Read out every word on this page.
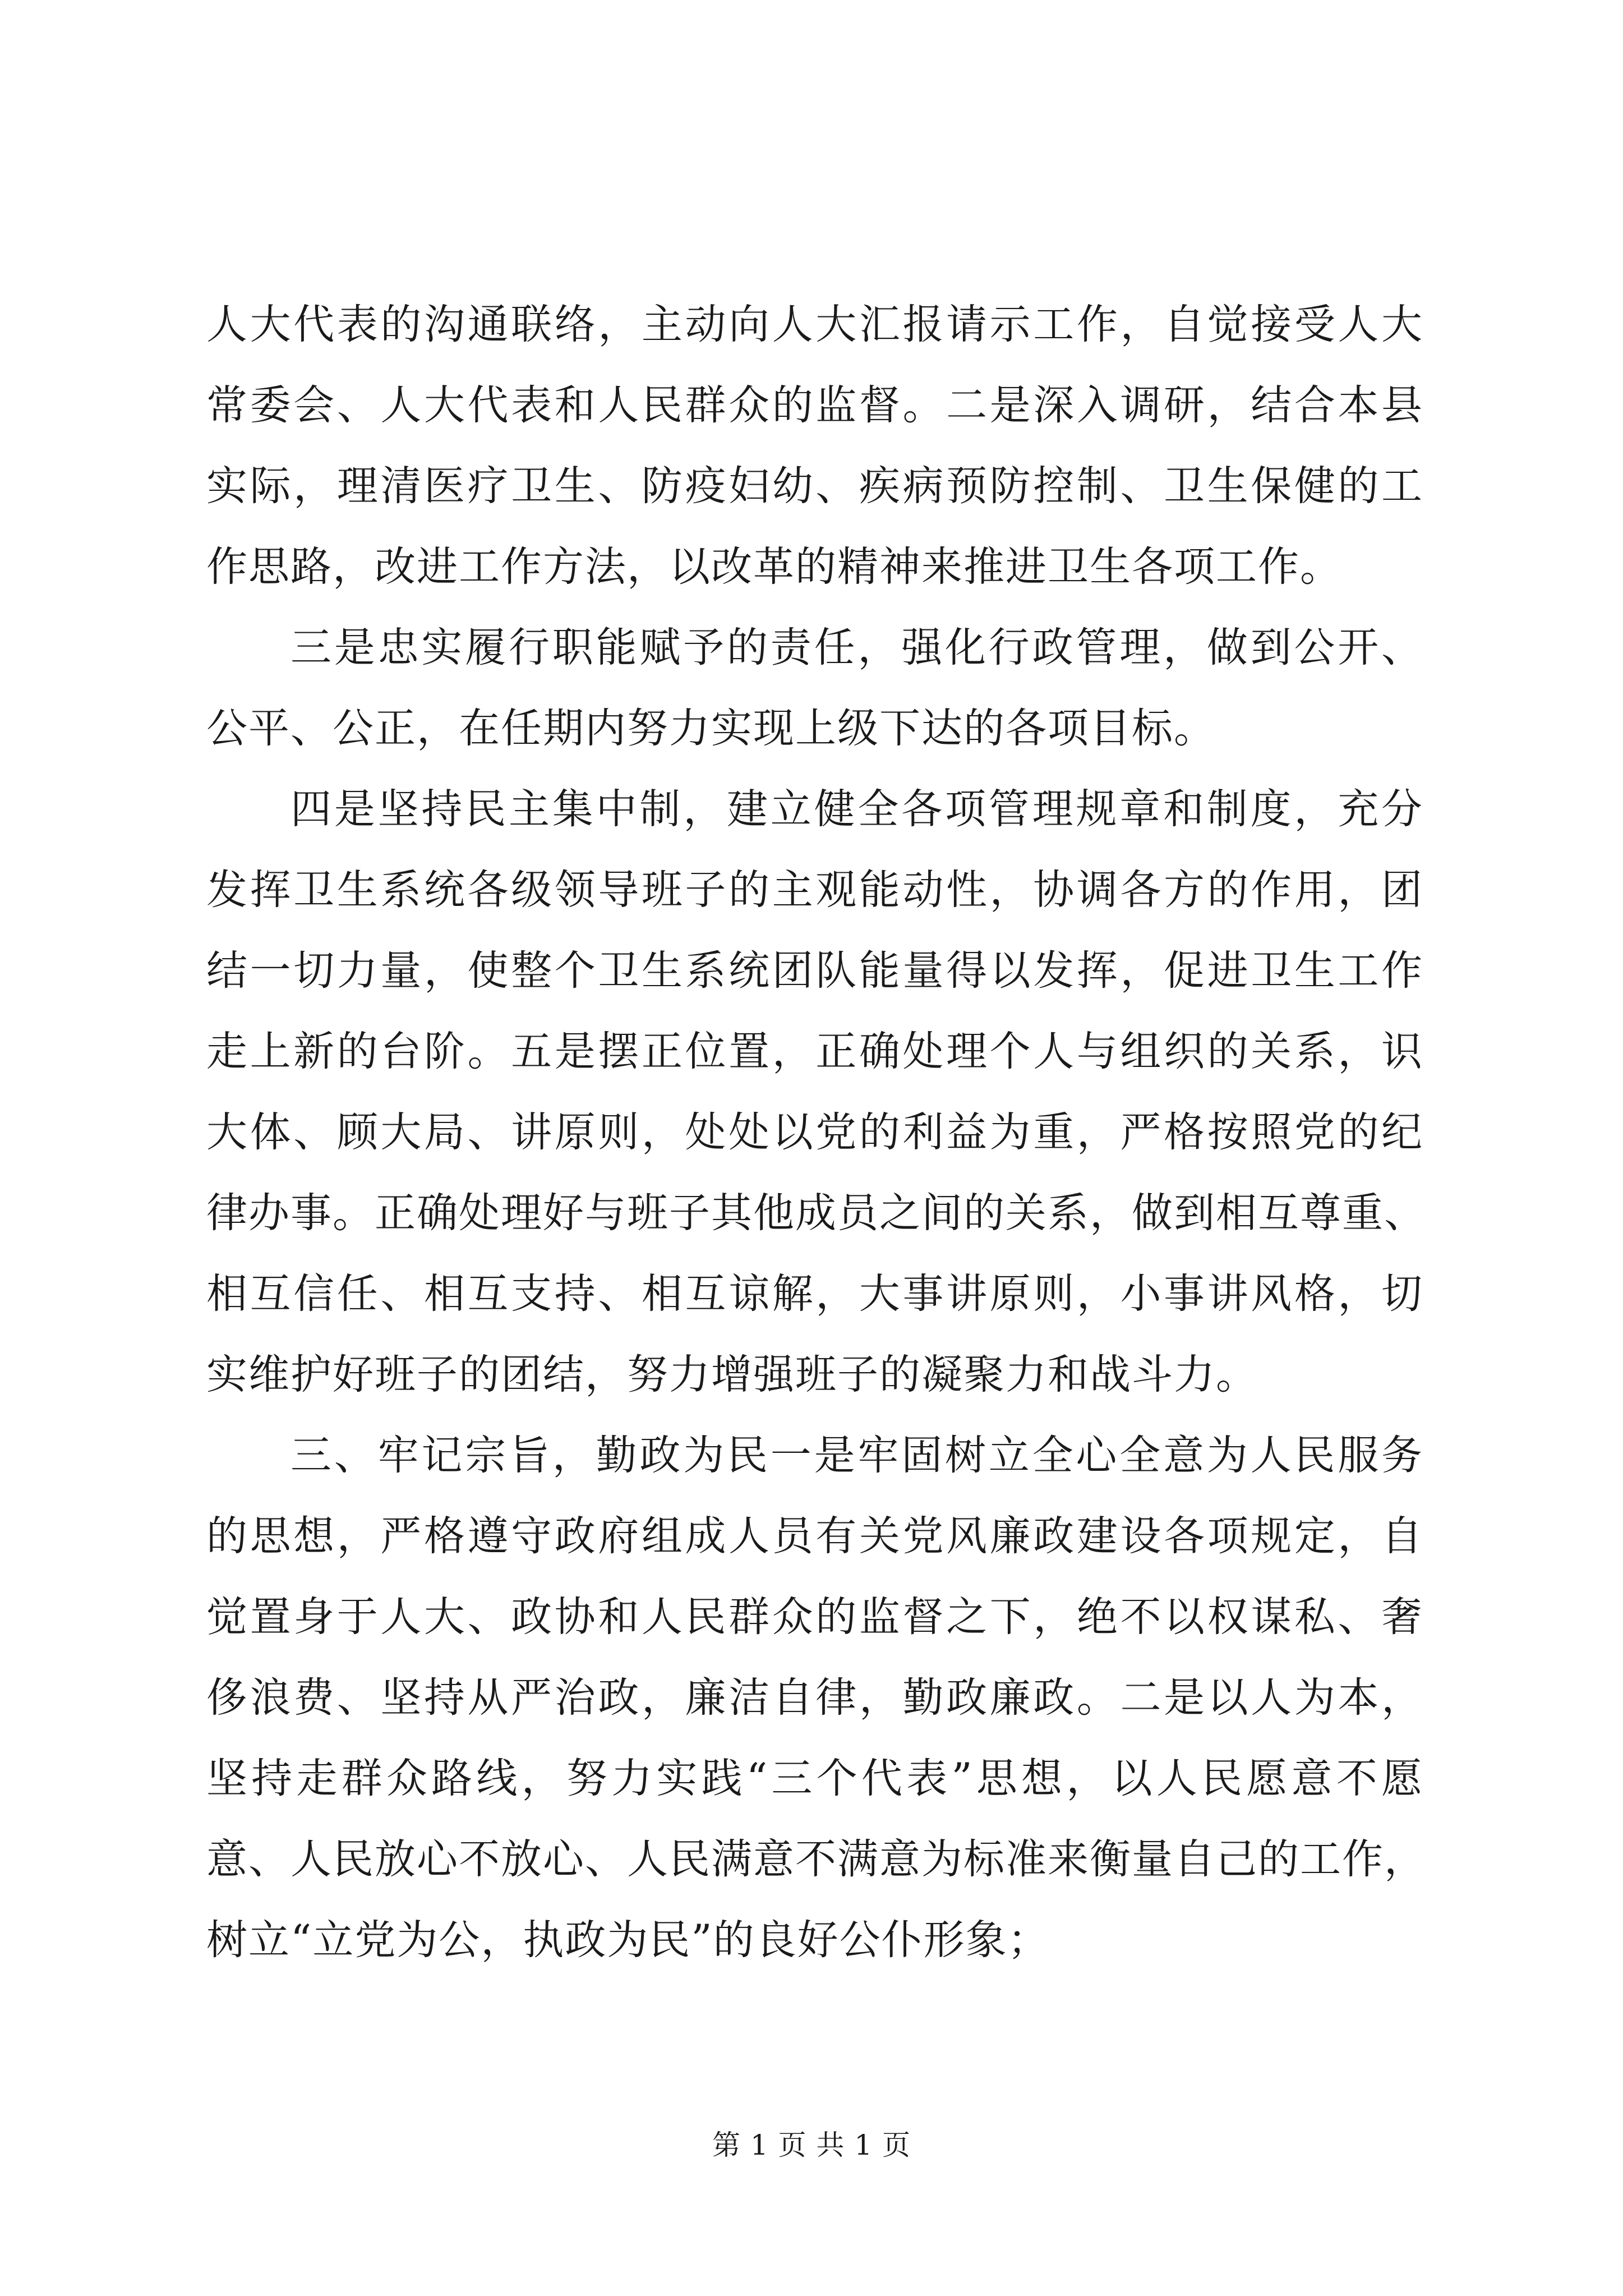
人大代表的沟通联络，主动向人大汇报请示工作，自觉接受人大
常委会、人大代表和人民群众的监督。二是深入调研，结合本县
实际，理清医疗卫生、防疫妇幼、疾病预防控制、卫生保健的工
作思路，改进工作方法，以改革的精神来推进卫生各项工作。
三是忠实履行职能赋予的责任，强化行政管理，做到公开、
公平、公正，在任期内努力实现上级下达的各项目标。
四是坚持民主集中制，建立健全各项管理规章和制度，充分
发挥卫生系统各级领导班子的主观能动性，协调各方的作用，团
结一切力量，使整个卫生系统团队能量得以发挥，促进卫生工作
走上新的台阶。五是摆正位置，正确处理个人与组织的关系，识
大体、顾大局、讲原则，处处以党的利益为重，严格按照党的纪
律办事。正确处理好与班子其他成员之间的关系，做到相互尊重、
相互信任、相互支持、相互谅解，大事讲原则，小事讲风格，切
实维护好班子的团结，努力增强班子的凝聚力和战斗力。
三、牢记宗旨，勤政为民一是牢固树立全心全意为人民服务
的思想，严格遵守政府组成人员有关党风廉政建设各项规定，自
觉置身于人大、政协和人民群众的监督之下，绝不以权谋私、奢
侈浪费、坚持从严治政，廉洁自律，勤政廉政。二是以人为本，
坚持走群众路线，努力实践“三个代表”思想，以人民愿意不愿
意、人民放心不放心、人民满意不满意为标准来衡量自己的工作，
树立“立党为公，执政为民”的良好公仆形象；
第 1 页 共 1 页
